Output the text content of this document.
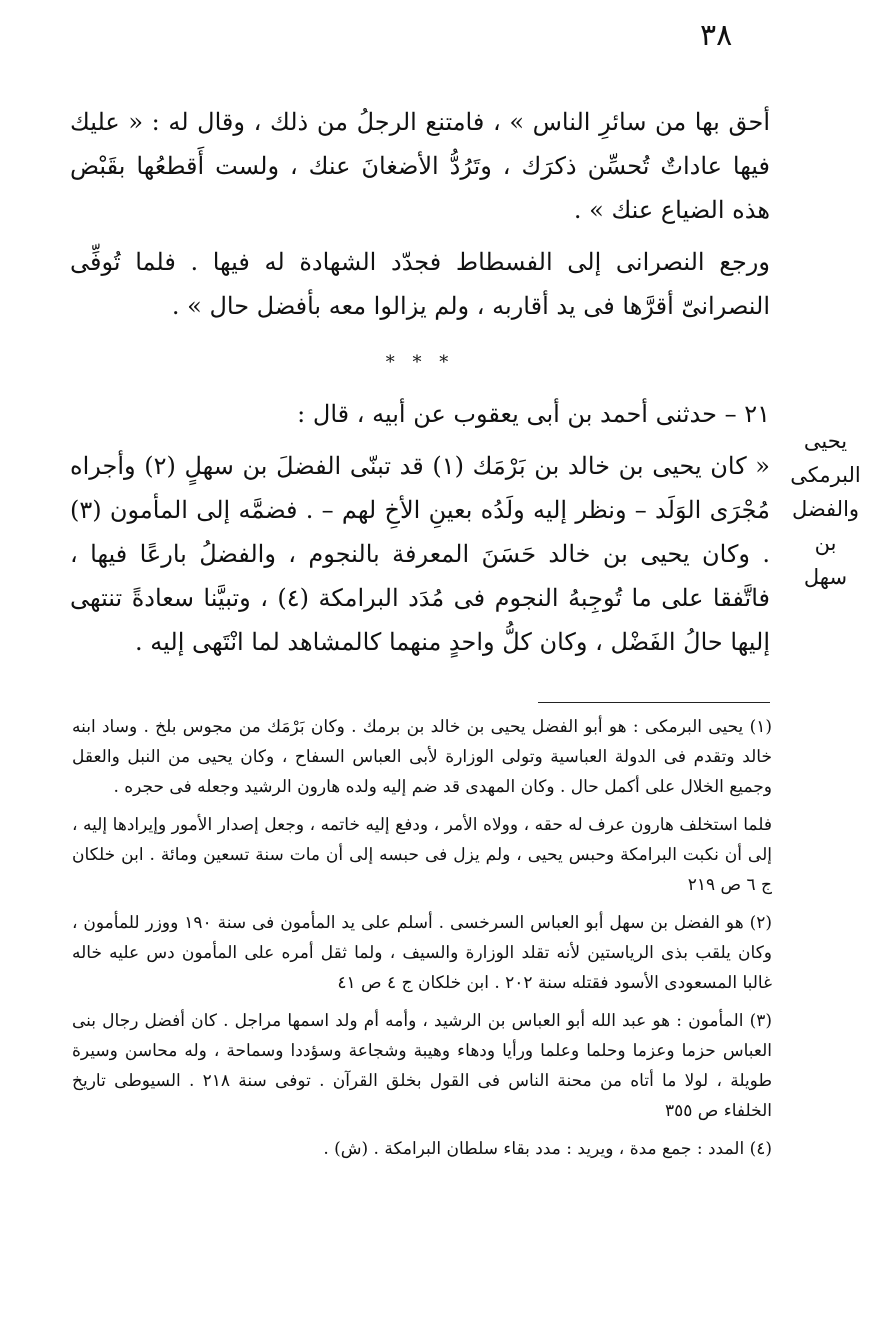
٣٨
يحيى البرمكى
والفضل بن
سهل

أحق بها من سائرِ الناس » ، فامتنع الرجلُ من ذلك ، وقال له : « عليك فيها عاداتٌ تُحسِّن ذكرَك ، وتَرُدُّ الأضغانَ عنك ، ولست أَقطعُها بقَبْض هذه الضياع عنك » .

ورجع النصرانى إلى الفسطاط فجدّد الشهادة له فيها . فلما تُوفِّى النصرانىّ أقرَّها فى يد أقاربه ، ولم يزالوا معه بأفضل حال » .

* * *

٢١ – حدثنى أحمد بن أبى يعقوب عن أبيه ، قال :

« كان يحيى بن خالد بن بَرْمَك (١) قد تبنّى الفضلَ بن سهلٍ (٢) وأجراه مُجْرَى الوَلَد – ونظر إليه ولَدُه بعينِ الأخِ لهم – . فضمَّه إلى المأمون (٣) . وكان يحيى بن خالد حَسَنَ المعرفة بالنجوم ، والفضلُ بارعًا فيها ، فاتَّفقا على ما تُوجِبهُ النجوم فى مُدَد البرامكة (٤) ، وتبيَّنا سعادةً تنتهى إليها حالُ الفَضْل ، وكان كلُّ واحدٍ منهما كالمشاهد لما انْتَهى إليه .

(١) يحيى البرمكى : هو أبو الفضل يحيى بن خالد بن برمك . وكان بَرْمَك من مجوس بلخ . وساد ابنه خالد وتقدم فى الدولة العباسية وتولى الوزارة لأبى العباس السفاح ، وكان يحيى من النبل والعقل وجميع الخلال على أكمل حال . وكان المهدى قد ضم إليه ولده هارون الرشيد وجعله فى حجره .

فلما استخلف هارون عرف له حقه ، وولاه الأمر ، ودفع إليه خاتمه ، وجعل إصدار الأمور وإيرادها إليه ، إلى أن نكبت البرامكة وحبس يحيى ، ولم يزل فى حبسه إلى أن مات سنة تسعين ومائة . ابن خلكان ج ٦ ص ٢١٩

(٢) هو الفضل بن سهل أبو العباس السرخسى . أسلم على يد المأمون فى سنة ١٩٠ ووزر للمأمون ، وكان يلقب بذى الرياستين لأنه تقلد الوزارة والسيف ، ولما ثقل أمره على المأمون دس عليه خاله غالبا المسعودى الأسود فقتله سنة ٢٠٢ . ابن خلكان ج ٤ ص ٤١

(٣) المأمون : هو عبد الله أبو العباس بن الرشيد ، وأمه أم ولد اسمها مراجل . كان أفضل رجال بنى العباس حزما وعزما وحلما وعلما ورأيا ودهاء وهيبة وشجاعة وسؤددا وسماحة ، وله محاسن وسيرة طويلة ، لولا ما أتاه من محنة الناس فى القول بخلق القرآن . توفى سنة ٢١٨ . السيوطى تاريخ الخلفاء ص ٣٥٥

(٤) المدد : جمع مدة ، ويريد : مدد بقاء سلطان البرامكة . (ش) .
